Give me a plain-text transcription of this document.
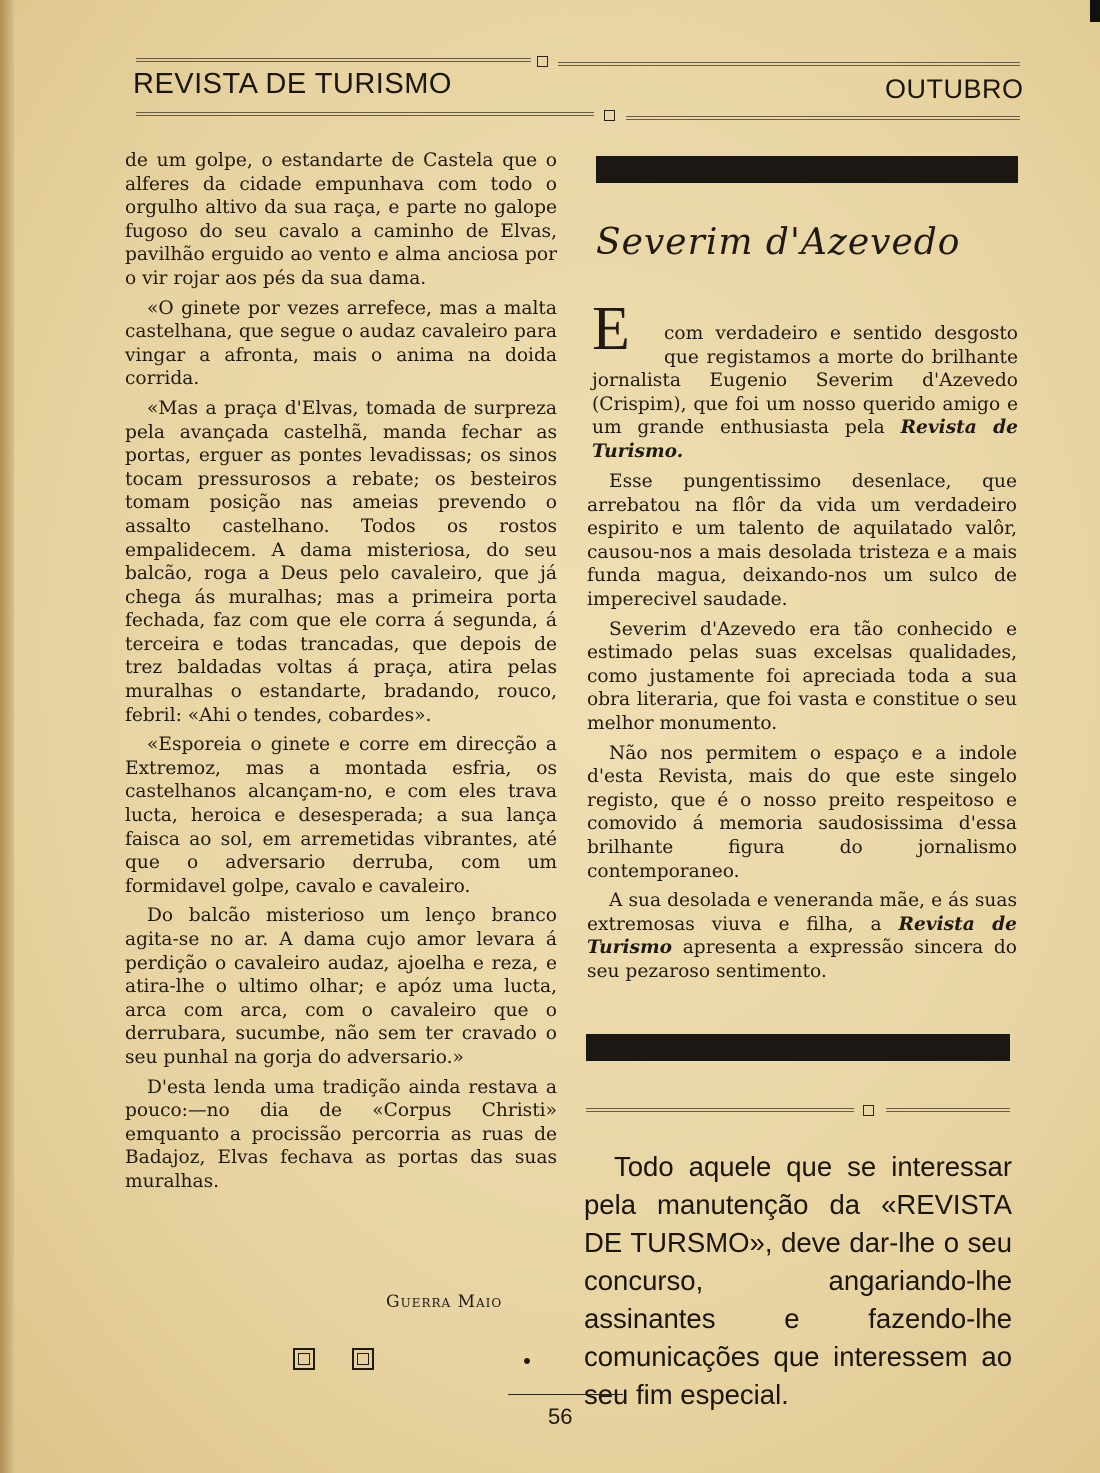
REVISTA DE TURISMO	OUTUBRO

de um golpe, o estandarte de Castela que o alferes da cidade empunhava com todo o orgulho altivo da sua raça, e parte no galope fugoso do seu cavalo a caminho de Elvas, pavilhão erguido ao vento e alma anciosa por o vir rojar aos pés da sua dama.

«O ginete por vezes arrefece, mas a malta castelhana, que segue o audaz cavaleiro para vingar a afronta, mais o anima na doida corrida.

«Mas a praça d'Elvas, tomada de surpreza pela avançada castelhã, manda fechar as portas, erguer as pontes levadissas; os sinos tocam pressurosos a rebate; os besteiros tomam posição nas ameias prevendo o assalto castelhano. Todos os rostos empalidecem. A dama misteriosa, do seu balcão, roga a Deus pelo cavaleiro, que já chega ás muralhas; mas a primeira porta fechada, faz com que ele corra á segunda, á terceira e todas trancadas, que depois de trez baldadas voltas á praça, atira pelas muralhas o estandarte, bradando, rouco, febril: «Ahi o tendes, cobardes».

«Esporeia o ginete e corre em direcção a Extremoz, mas a montada esfria, os castelhanos alcançam-no, e com eles trava lucta, heroica e desesperada; a sua lança faisca ao sol, em arremetidas vibrantes, até que o adversario derruba, com um formidavel golpe, cavalo e cavaleiro.

Do balcão misterioso um lenço branco agita-se no ar. A dama cujo amor levara á perdição o cavaleiro audaz, ajoelha e reza, e atira-lhe o ultimo olhar; e apóz uma lucta, arca com arca, com o cavaleiro que o derrubara, sucumbe, não sem ter cravado o seu punhal na gorja do adversario.»

D'esta lenda uma tradição ainda restava a pouco:—no dia de «Corpus Christi» emquanto a procissão percorria as ruas de Badajoz, Elvas fechava as portas das suas muralhas.

Guerra Maio
Severim d'Azevedo
E	com verdadeiro e sentido desgosto
que registamos a morte do brilhante jornalista Eugenio Severim d'Azevedo (Crispim), que foi um nosso querido amigo e um grande enthusiasta pela Revista de Turismo.

Esse pungentissimo desenlace, que arrebatou na flôr da vida um verdadeiro espirito e um talento de aquilatado valôr, causou-nos a mais desolada tristeza e a mais funda magua, deixando-nos um sulco de imperecivel saudade.

Severim d'Azevedo era tão conhecido e estimado pelas suas excelsas qualidades, como justamente foi apreciada toda a sua obra literaria, que foi vasta e constitue o seu melhor monumento.

Não nos permitem o espaço e a indole d'esta Revista, mais do que este singelo registo, que é o nosso preito respeitoso e comovido á memoria saudosissima d'essa brilhante figura do jornalismo contemporaneo.

A sua desolada e veneranda mãe, e ás suas extremosas viuva e filha, a Revista de Turismo apresenta a expressão sincera do seu pezaroso sentimento.

Todo aquele que se interessar pela manutenção da «REVISTA DE TURSMO», deve dar-lhe o seu concurso, angariando-lhe assinantes e fazendo-lhe comunicações que interessem ao seu fim especial.
56
